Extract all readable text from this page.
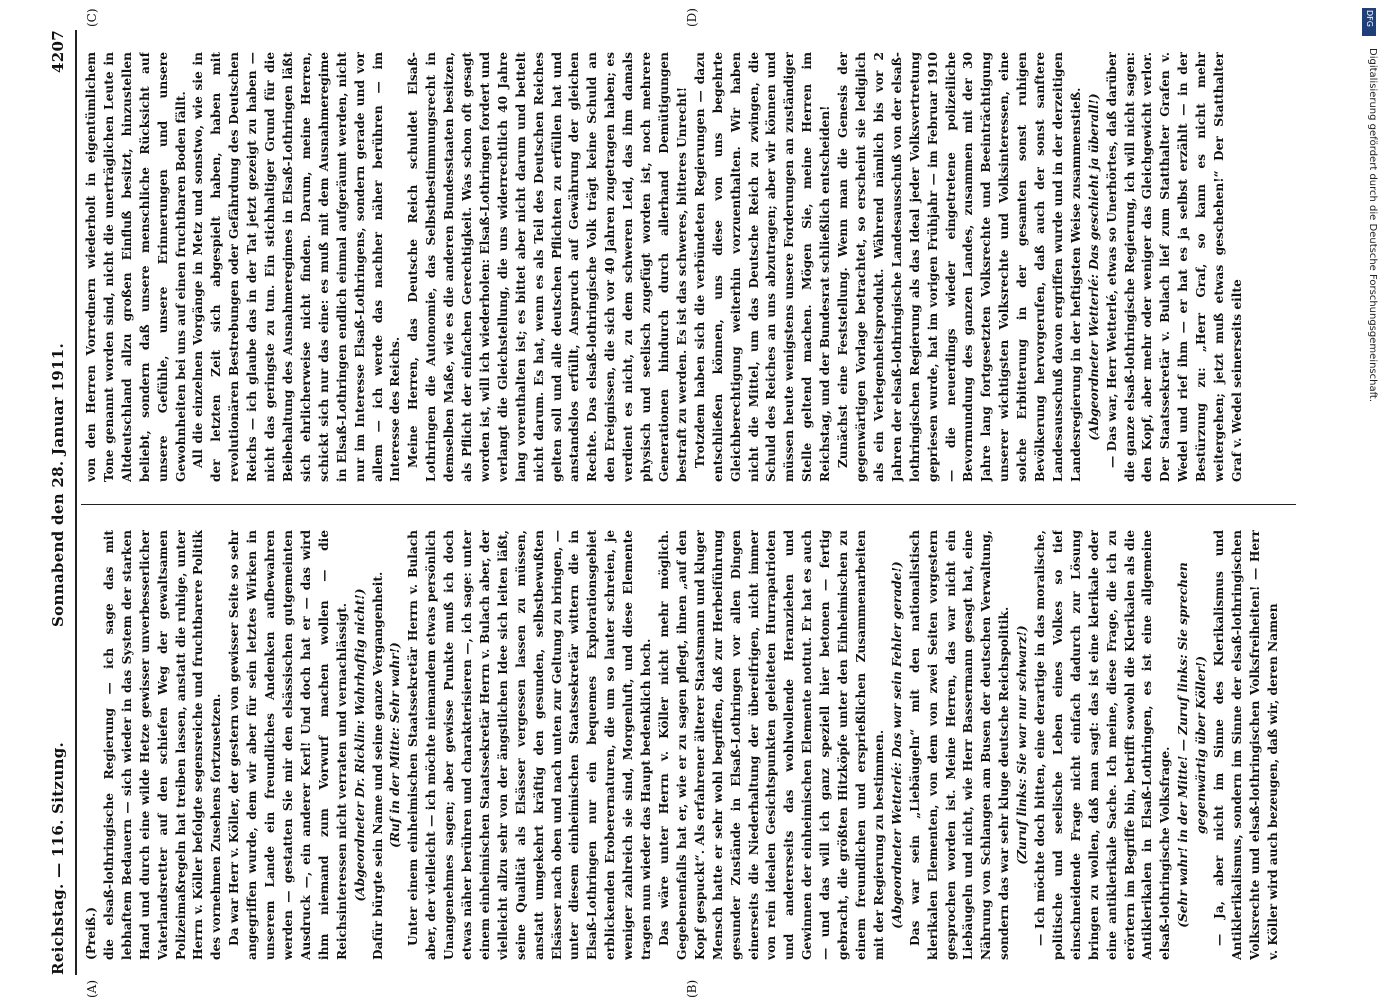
Reichstag. — 116. Sitzung.
Sonnabend den 28. Januar 1911.
4207
(A)	(B)
(C)	(D)

(Preiß.) die elsaß-lothringische Regierung — ich sage das mit lebhaftem Bedauern — sich wieder in das System der starken Hand und durch eine wilde Hetze gewisser unverbesserlicher Vaterlandsretter auf den schiefen Weg der gewaltsamen Polizeimaßregeln hat treiben lassen, anstatt die ruhige, unter Herrn v. Köller befolgte segensreiche und fruchtbarere Politik des vornehmen Zusehens fortzusetzen. Da war Herr v. Köller, der gestern von gewisser Seite so sehr angegriffen wurde, dem wir aber für sein letztes Wirken in unserem Lande ein freundliches Andenken aufbewahren werden — gestatten Sie mir den elsässischen gutgemeinten Ausdruck —, ein anderer Kerl! Und doch hat er — das wird ihm niemand zum Vorwurf machen wollen — die Reichsinteressen nicht verraten und vernachlässigt. (Abgeordneter Dr. Ricklin: Wahrhaftig nicht!) Dafür bürgte sein Name und seine ganze Vergangenheit. (Ruf in der Mitte: Sehr wahr!) Unter einem einheimischen Staatssekretär Herrn v. Bulach aber, der vielleicht — ich möchte niemandem etwas persönlich Unangenehmes sagen; aber gewisse Punkte muß ich doch etwas näher berühren und charakterisieren —, ich sage: unter einem einheimischen Staatssekretär Herrn v. Bulach aber, der vielleicht allzu sehr von der ängstlichen Idee sich leiten läßt, seine Qualität als Elsässer vergessen lassen zu müssen, anstatt umgekehrt kräftig den gesunden, selbstbewußten Elsässer nach oben und nach unten zur Geltung zu bringen, — unter diesem einheimischen Staatssekretär wittern die in Elsaß-Lothringen nur ein bequemes Explorationsgebiet erblickenden Eroberernaturen, die um so lauter schreien, je weniger zahlreich sie sind, Morgenluft, und diese Elemente tragen nun wieder das Haupt bedenklich hoch. Das wäre unter Herrn v. Köller nicht mehr möglich. Gegebenenfalls hat er, wie er zu sagen pflegt, ihnen „auf den Kopf gespuckt“. Als erfahrener älterer Staatsmann und kluger Mensch hatte er sehr wohl begriffen, daß zur Herbeiführung gesunder Zustände in Elsaß-Lothringen vor allen Dingen einerseits die Niederhaltung der übereifrigen, nicht immer von rein idealen Gesichtspunkten geleiteten Hurrapatrioten und andererseits das wohlwollende Heranziehen und Gewinnen der einheimischen Elemente nottut. Er hat es auch — und das will ich ganz speziell hier betonen — fertig gebracht, die größten Hitzköpfe unter den Einheimischen zu einem freundlichen und ersprießlichen Zusammenarbeiten mit der Regierung zu bestimmen. (Abgeordneter Wetterlé: Das war sein Fehler gerade!) Das war sein „Liebäugeln“ mit den nationalistisch klerikalen Elementen, von dem von zwei Seiten vorgestern gesprochen worden ist. Meine Herren, das war nicht ein Liebäugeln und nicht, wie Herr Bassermann gesagt hat, eine Nährung von Schlangen am Busen der deutschen Verwaltung, sondern das war sehr kluge deutsche Reichspolitik. (Zuruf links: Sie war nur schwarz!) — Ich möchte doch bitten, eine derartige in das moralische, politische und seelische Leben eines Volkes so tief einschneidende Frage nicht einfach dadurch zur Lösung bringen zu wollen, daß man sagt: das ist eine klerikale oder eine antiklerikale Sache. Ich meine, diese Frage, die ich zu erörtern im Begriffe bin, betrifft sowohl die Klerikalen als die Antiklerikalen in Elsaß-Lothringen, es ist eine allgemeine elsaß-lothringische Volksfrage. (Sehr wahr! in der Mitte! — Zuruf links: Sie sprechen gegenwärtig über Köller!) — Ja, aber nicht im Sinne des Klerikalismus und Antiklerikalismus, sondern im Sinne der elsaß-lothringischen Volksrechte und elsaß-lothringischen Volksfreiheiten! — Herr v. Köller wird auch bezeugen, daß wir, deren Namen

von den Herren Vorrednern wiederholt in eigentümlichem Tone genannt worden sind, nicht die unerträglichen Leute in Altdeutschland allzu großen Einfluß besitzt, hinzustellen beliebt, sondern daß unsere menschliche Rücksicht auf unsere Gefühle, unsere Erinnerungen und unsere Gewohnheiten bei uns auf einen fruchtbaren Boden fällt. All die einzelnen Vorgänge in Metz und sonstwo, wie sie in der letzten Zeit sich abgespielt haben, haben mit revolutionären Bestrebungen oder Gefährdung des Deutschen Reichs — ich glaube das in der Tat jetzt gezeigt zu haben — nicht das geringste zu tun. Ein stichhaltiger Grund für die Beibehaltung des Ausnahmeregimes in Elsaß-Lothringen läßt sich ehrlicherweise nicht finden. Darum, meine Herren, schickt sich nur das eine: es muß mit dem Ausnahmeregime in Elsaß-Lothringen endlich einmal aufgeräumt werden, nicht nur im Interesse Elsaß-Lothringens, sondern gerade und vor allem — ich werde das nachher näher berühren — im Interesse des Reichs. Meine Herren, das Deutsche Reich schuldet Elsaß-Lothringen die Autonomie, das Selbstbestimmungsrecht in demselben Maße, wie es die anderen Bundesstaaten besitzen, als Pflicht der einfachen Gerechtigkeit. Was schon oft gesagt worden ist, will ich wiederholen: Elsaß-Lothringen fordert und verlangt die Gleichstellung, die uns widerrechtlich 40 Jahre lang vorenthalten ist; es bittet aber nicht darum und bettelt nicht darum. Es hat, wenn es als Teil des Deutschen Reiches gelten soll und alle deutschen Pflichten zu erfüllen hat und anstandslos erfüllt, Anspruch auf Gewährung der gleichen Rechte. Das elsaß-lothringische Volk trägt keine Schuld an den Ereignissen, die sich vor 40 Jahren zugetragen haben; es verdient es nicht, zu dem schweren Leid, das ihm damals physisch und seelisch zugefügt worden ist, noch mehrere Generationen hindurch durch allerhand Demütigungen bestraft zu werden. Es ist das schweres, bitteres Unrecht! Trotzdem haben sich die verbündeten Regierungen — dazu entschließen können, uns diese von uns begehrte Gleichberechtigung weiterhin vorzuenthalten. Wir haben nicht die Mittel, um das Deutsche Reich zu zwingen, die Schuld des Reiches an uns abzutragen; aber wir können und müssen heute wenigstens unsere Forderungen an zuständiger Stelle geltend machen. Mögen Sie, meine Herren im Reichstag, und der Bundesrat schließlich entscheiden! Zunächst eine Feststellung. Wenn man die Genesis der gegenwärtigen Vorlage betrachtet, so erscheint sie lediglich als ein Verlegenheitsprodukt. Während nämlich bis vor 2 Jahren der elsaß-lothringische Landesausschuß von der elsaß-lothringischen Regierung als das Ideal jeder Volksvertretung gepriesen wurde, hat im vorigen Frühjahr — im Februar 1910 — die neuerdings wieder eingetretene polizeiliche Bevormundung des ganzen Landes, zusammen mit der 30 Jahre lang fortgesetzten Volksrechte und Beeinträchtigung unserer wichtigsten Volksrechte und Volksinteressen, eine solche Erbitterung in der gesamten sonst ruhigen Bevölkerung hervorgerufen, daß auch der sonst sanftere Landesausschuß davon ergriffen wurde und in der derzeitigen Landesregierung in der heftigsten Weise zusammenstieß. (Abgeordneter Wetterlé: Das geschieht ja überall!) — Das war, Herr Wetterlé, etwas so Unerhörtes, daß darüber die ganze elsaß-lothringische Regierung, ich will nicht sagen: den Kopf, aber mehr oder weniger das Gleichgewicht verlor. Der Staatssekretär v. Bulach lief zum Statthalter Grafen v. Wedel und rief ihm — er hat es ja selbst erzählt — in der Bestürzung zu: „Herr Graf, so kann es nicht mehr weitergehen; jetzt muß etwas geschehen!“ Der Statthalter Graf v. Wedel seinerseits eilte

DFG
Digitalisierung gefördert durch die Deutsche Forschungsgemeinschaft.
